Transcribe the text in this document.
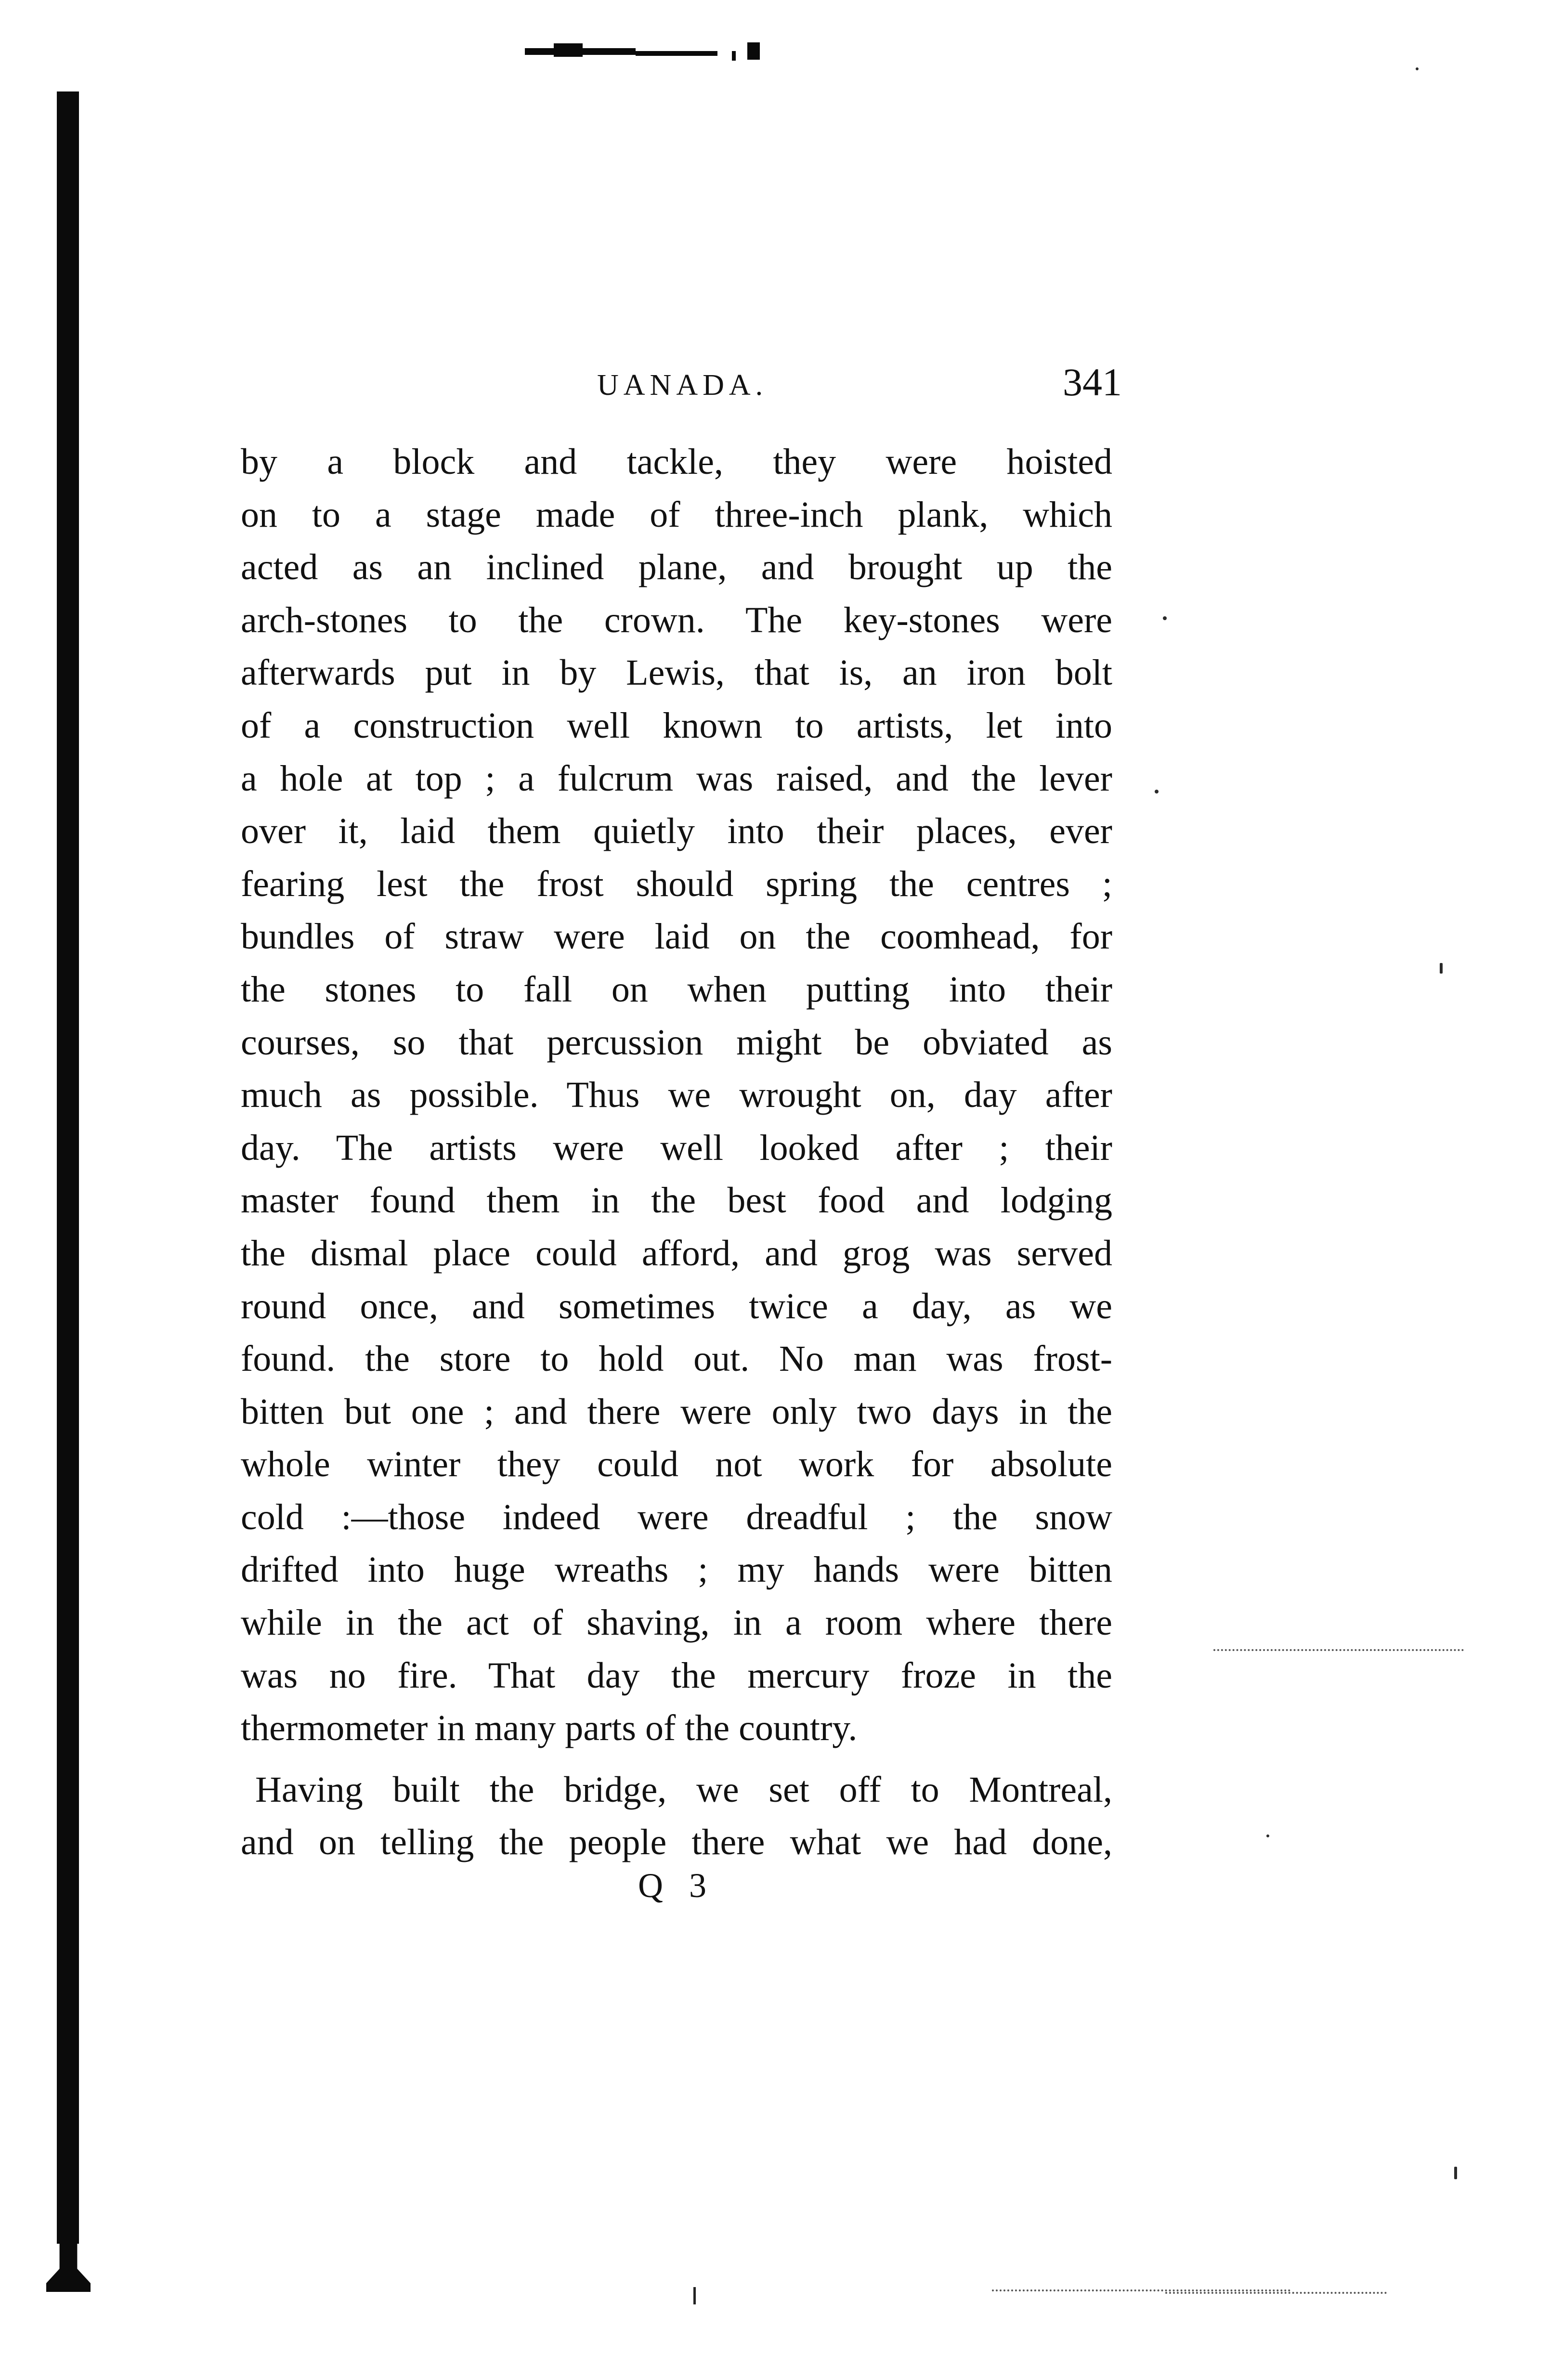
UANADA.	341
by a block and tackle, they were hoisted
on to a stage made of three-inch plank, which
acted as an inclined plane, and brought up the
arch-stones to the crown. The key-stones were
afterwards put in by Lewis, that is, an iron bolt
of a construction well known to artists, let into
a hole at top ; a fulcrum was raised, and the lever
over it, laid them quietly into their places, ever
fearing lest the frost should spring the centres ;
bundles of straw were laid on the coomhead, for
the stones to fall on when putting into their
courses, so that percussion might be obviated as
much as possible. Thus we wrought on, day after
day. The artists were well looked after ; their
master found them in the best food and lodging
the dismal place could afford, and grog was served
round once, and sometimes twice a day, as we
found. the store to hold out. No man was frost-
bitten but one ; and there were only two days in the
whole winter they could not work for absolute
cold :—those indeed were dreadful ; the snow
drifted into huge wreaths ; my hands were bitten
while in the act of shaving, in a room where there
was no fire. That day the mercury froze in the
thermometer in many parts of the country.
Having built the bridge, we set off to Montreal,
and on telling the people there what we had done,
Q 3
